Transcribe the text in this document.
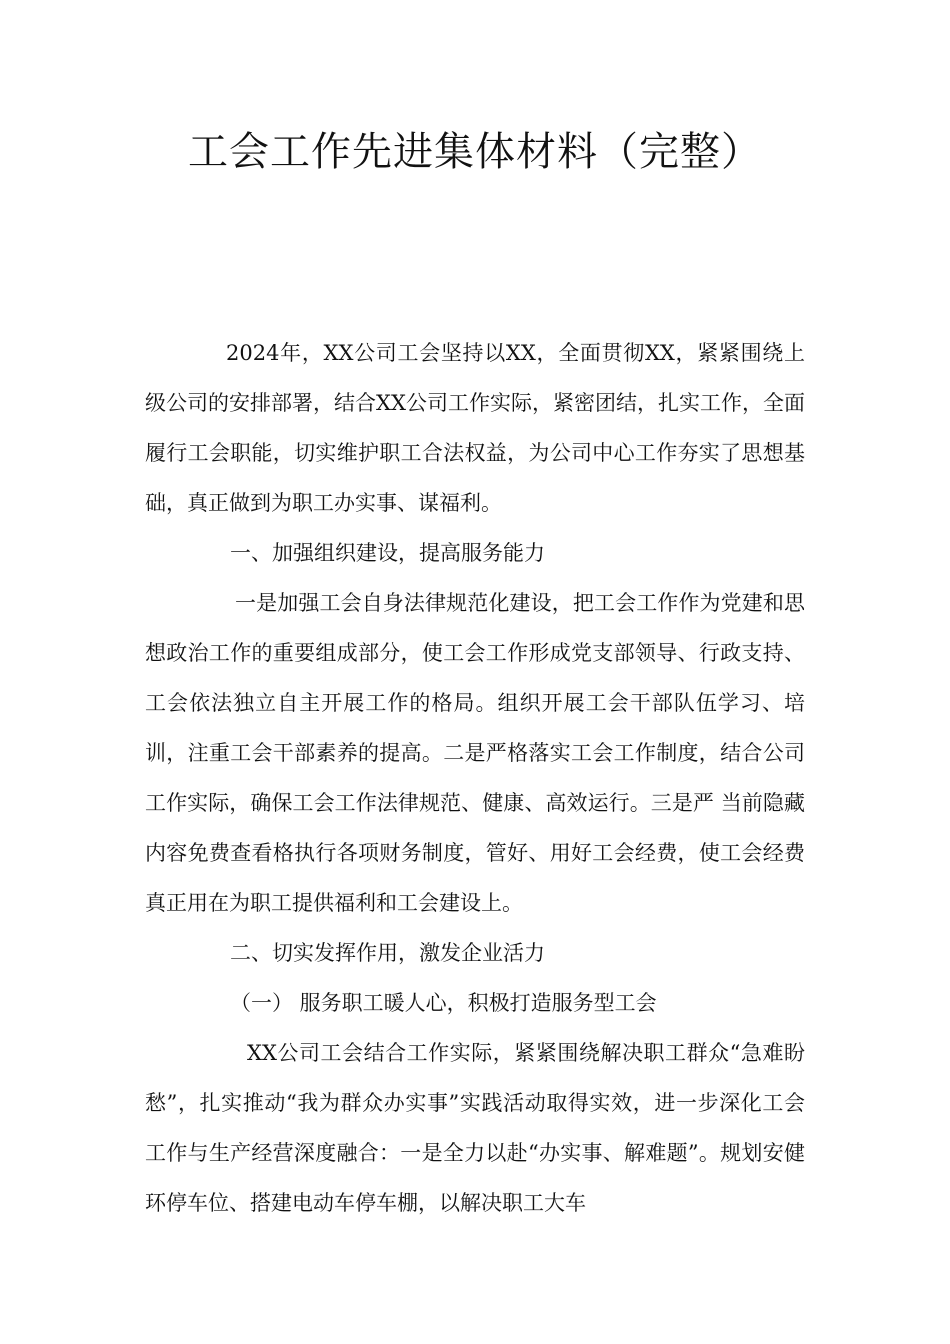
工会工作先进集体材料（完整）

2024年，XX公司工会坚持以XX，全面贯彻XX，紧紧围绕上级公司的安排部署，结合XX公司工作实际，紧密团结，扎实工作，全面履行工会职能，切实维护职工合法权益，为公司中心工作夯实了思想基础，真正做到为职工办实事、谋福利。

一、加强组织建设，提高服务能力

一是加强工会自身法律规范化建设，把工会工作作为党建和思想政治工作的重要组成部分，使工会工作形成党支部领导、行政支持、工会依法独立自主开展工作的格局。组织开展工会干部队伍学习、培训，注重工会干部素养的提高。二是严格落实工会工作制度，结合公司工作实际，确保工会工作法律规范、健康、高效运行。三是严 当前隐藏内容免费查看格执行各项财务制度，管好、用好工会经费，使工会经费真正用在为职工提供福利和工会建设上。

二、切实发挥作用，激发企业活力

（一） 服务职工暖人心，积极打造服务型工会

XX公司工会结合工作实际，紧紧围绕解决职工群众“急难盼愁”，扎实推动“我为群众办实事”实践活动取得实效，进一步深化工会工作与生产经营深度融合：一是全力以赴“办实事、解难题”。规划安健环停车位、搭建电动车停车棚，以解决职工大车
